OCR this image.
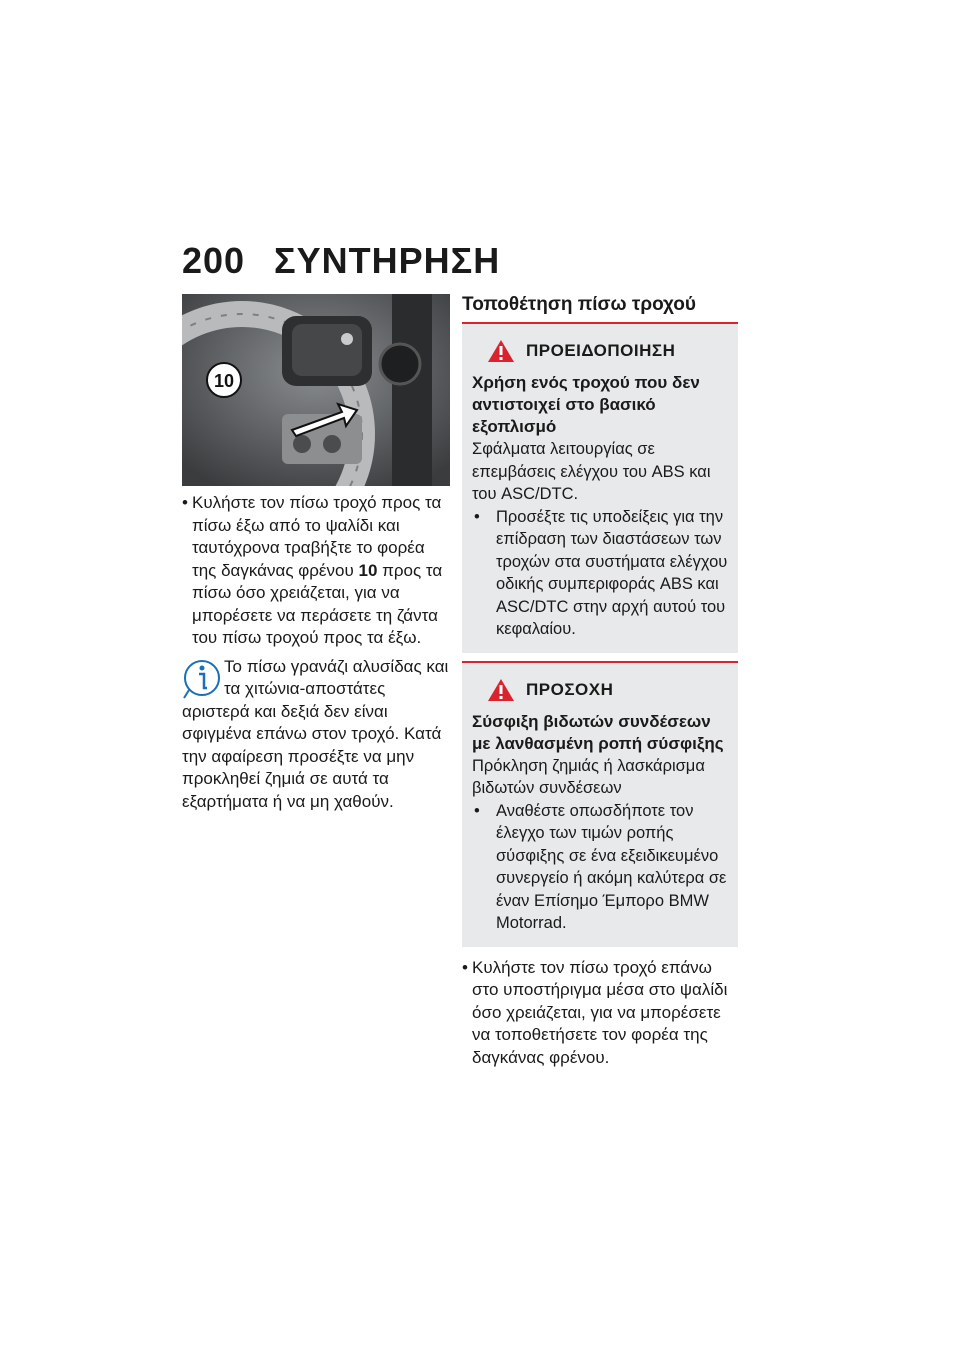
200 ΣΥΝΤΗΡΗΣΗ
10
• Κυλήστε τον πίσω τροχό προς τα πίσω έξω από το ψαλίδι και ταυτόχρονα τραβήξτε το φορέα της δαγκάνας φρένου 10 προς τα πίσω όσο χρειάζεται, για να μπορέσετε να περάσετε τη ζάντα του πίσω τροχού προς τα έξω.
Το πίσω γρανάζι αλυσίδας και τα χιτώνια-αποστάτες αριστερά και δεξιά δεν είναι σφιγμένα επάνω στον τροχό. Κατά την αφαίρεση προσέξτε να μην προκληθεί ζημιά σε αυτά τα εξαρτήματα ή να μη χαθούν.
Τοποθέτηση πίσω τροχού
ΠΡΟΕΙΔΟΠΟΙΗΣΗ
Χρήση ενός τροχού που δεν αντιστοιχεί στο βασικό εξοπλισμό
Σφάλματα λειτουργίας σε επεμβάσεις ελέγχου του ABS και του ASC/DTC.
• Προσέξτε τις υποδείξεις για την επίδραση των διαστάσεων των τροχών στα συστήματα ελέγχου οδικής συμπεριφοράς ABS και ASC/DTC στην αρχή αυτού του κεφαλαίου.
ΠΡΟΣΟΧΗ
Σύσφιξη βιδωτών συνδέσεων με λανθασμένη ροπή σύσφιξης
Πρόκληση ζημιάς ή λασκάρισμα βιδωτών συνδέσεων
• Αναθέστε οπωσδήποτε τον έλεγχο των τιμών ροπής σύσφιξης σε ένα εξειδικευμένο συνεργείο ή ακόμη καλύτερα σε έναν Επίσημο Έμπορο BMW Motorrad.
• Κυλήστε τον πίσω τροχό επάνω στο υποστήριγμα μέσα στο ψαλίδι όσο χρειάζεται, για να μπορέσετε να τοποθετήσετε τον φορέα της δαγκάνας φρένου.
